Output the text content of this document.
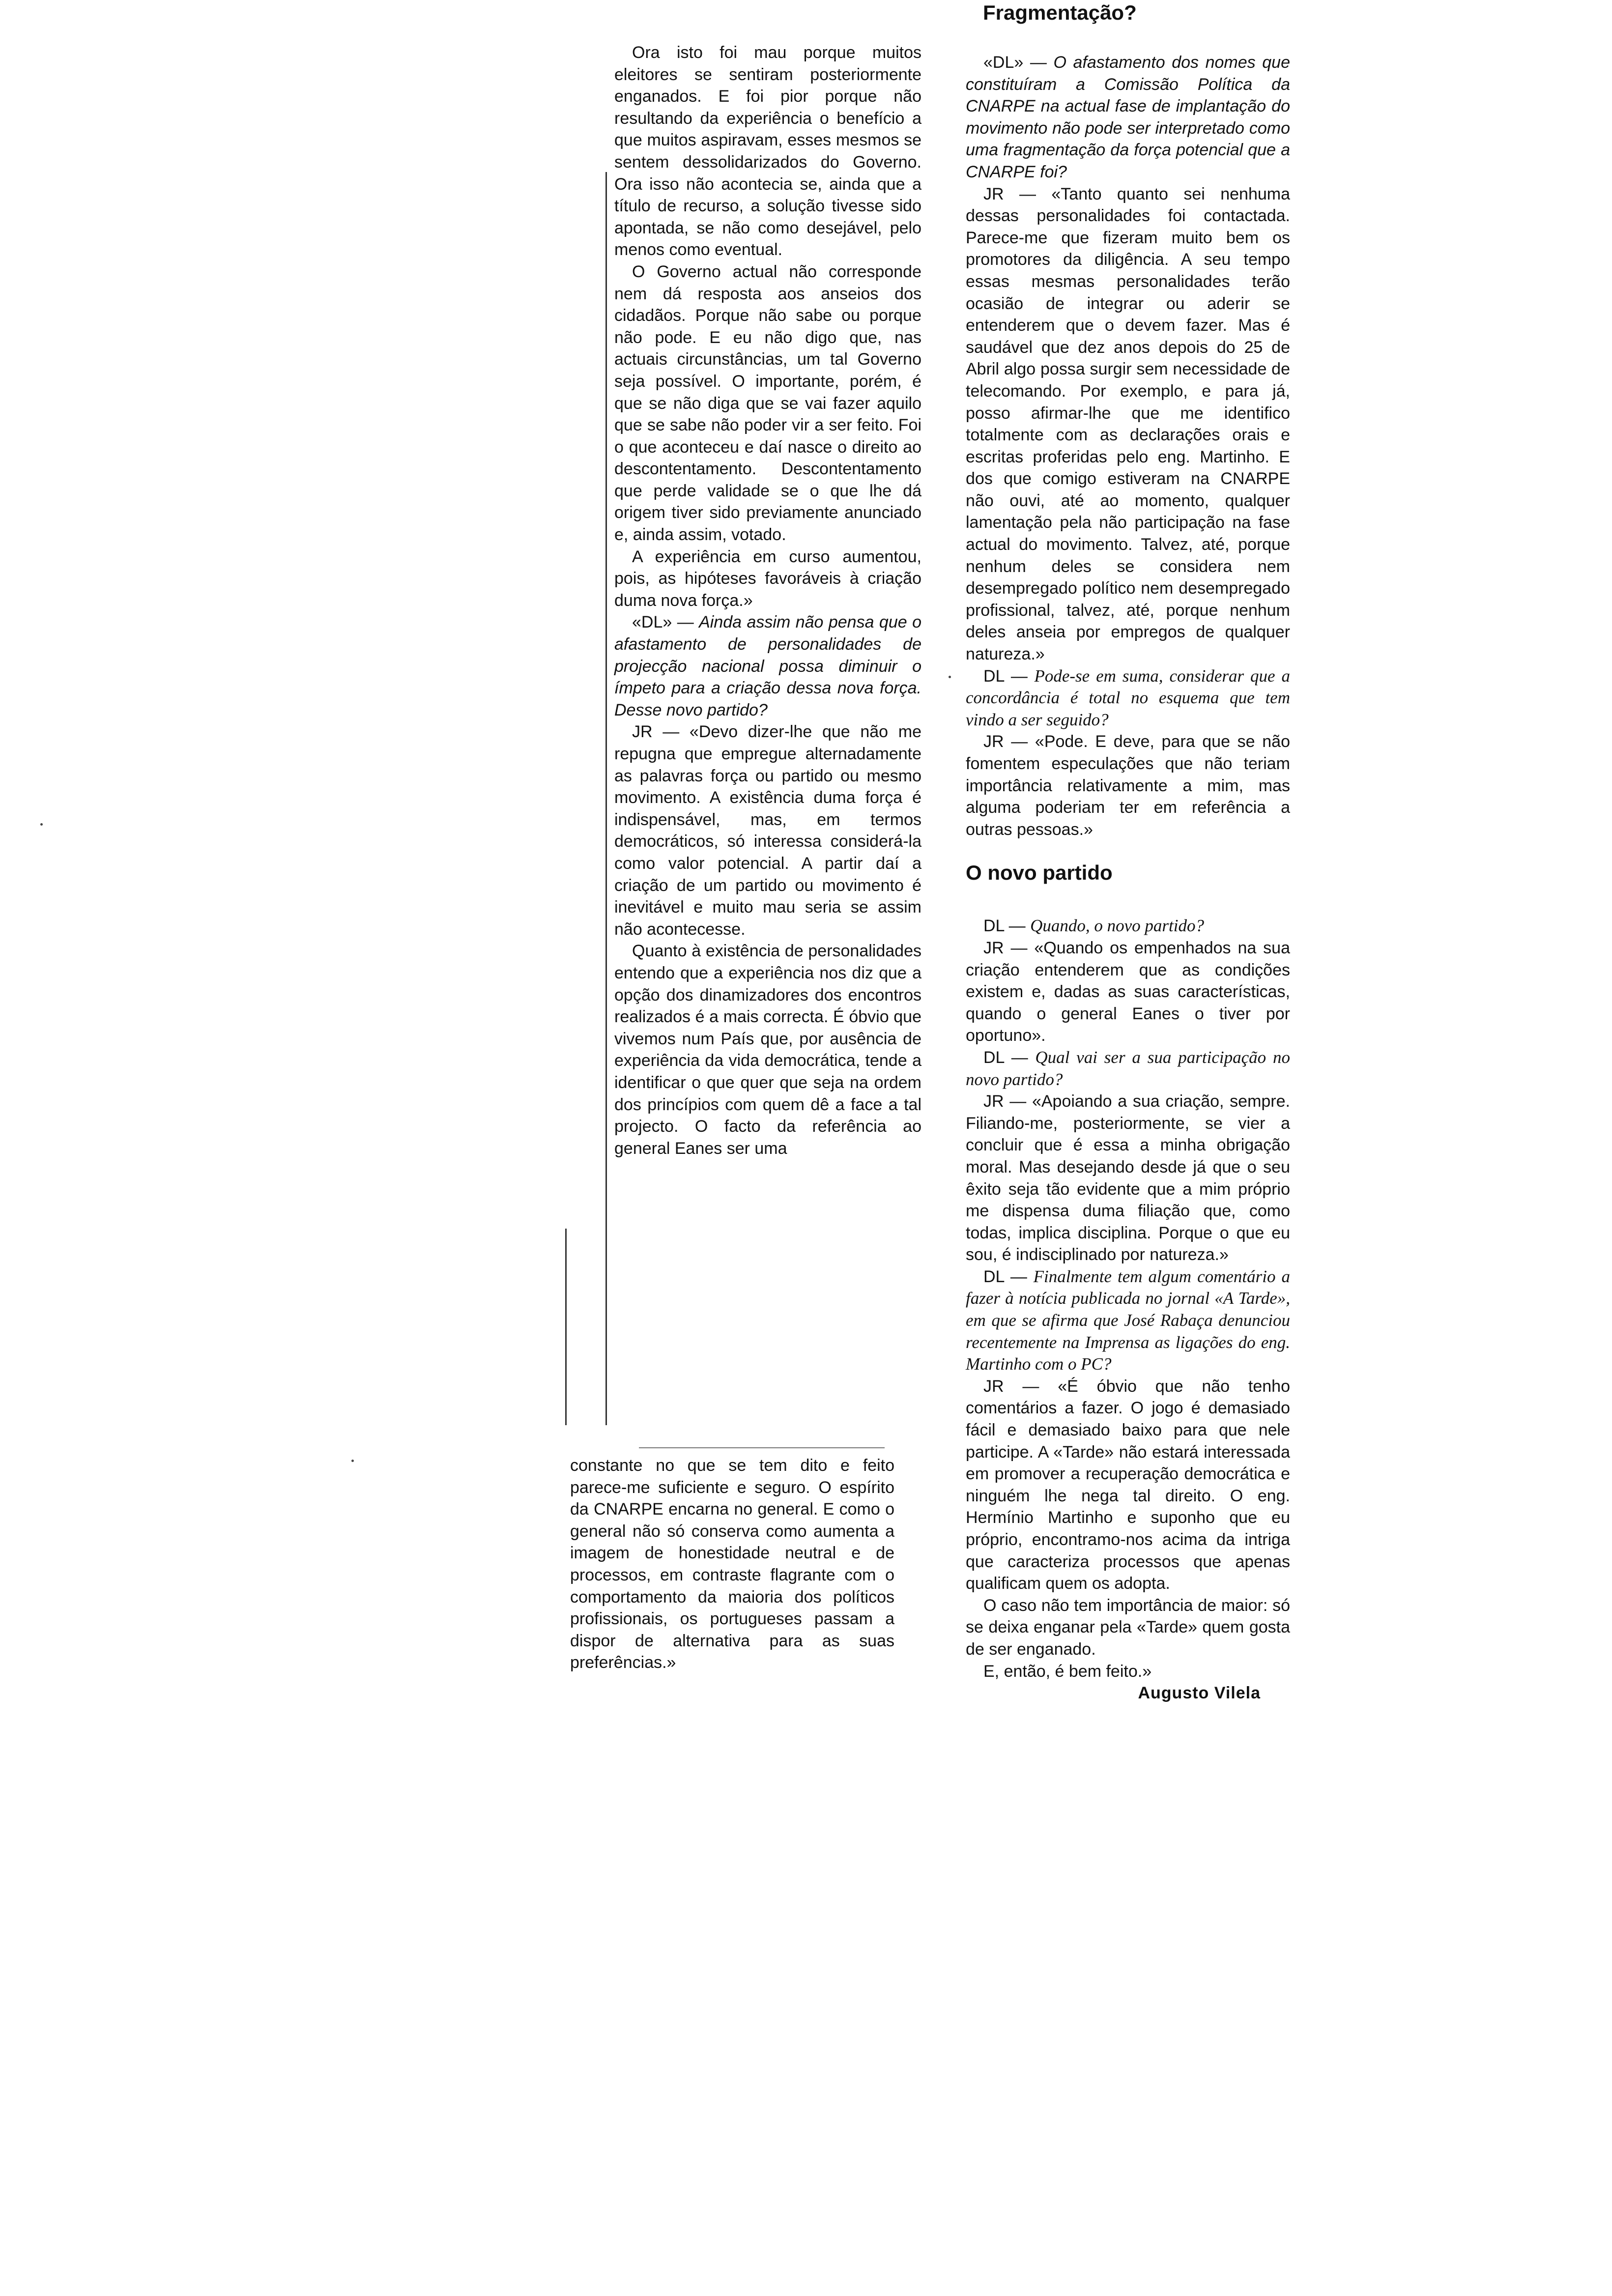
Fragmentação?

Ora isto foi mau porque muitos eleitores se sentiram posteriormente enganados. E foi pior porque não resultando da experiência o benefício a que muitos aspiravam, esses mesmos se sentem dessolidarizados do Governo. Ora isso não acontecia se, ainda que a título de recurso, a solução tivesse sido apontada, se não como desejável, pelo menos como eventual.

O Governo actual não corresponde nem dá resposta aos anseios dos cidadãos. Porque não sabe ou porque não pode. E eu não digo que, nas actuais circunstâncias, um tal Governo seja possível. O importante, porém, é que se não diga que se vai fazer aquilo que se sabe não poder vir a ser feito. Foi o que aconteceu e daí nasce o direito ao descontentamento. Descontentamento que perde validade se o que lhe dá origem tiver sido previamente anunciado e, ainda assim, votado.

A experiência em curso aumentou, pois, as hipóteses favoráveis à criação duma nova força.»

«DL» — Ainda assim não pensa que o afastamento de personalidades de projecção nacional possa diminuir o ímpeto para a criação dessa nova força. Desse novo partido?

JR — «Devo dizer-lhe que não me repugna que empregue alternadamente as palavras força ou partido ou mesmo movimento. A existência duma força é indispensável, mas, em termos democráticos, só interessa considerá-la como valor potencial. A partir daí a criação de um partido ou movimento é inevitável e muito mau seria se assim não acontecesse.

Quanto à existência de personalidades entendo que a experiência nos diz que a opção dos dinamizadores dos encontros realizados é a mais correcta. É óbvio que vivemos num País que, por ausência de experiência da vida democrática, tende a identificar o que quer que seja na ordem dos princípios com quem dê a face a tal projecto. O facto da referência ao general Eanes ser uma

constante no que se tem dito e feito parece-me suficiente e seguro. O espírito da CNARPE encarna no general. E como o general não só conserva como aumenta a imagem de honestidade neutral e de processos, em contraste flagrante com o comportamento da maioria dos políticos profissionais, os portugueses passam a dispor de alternativa para as suas preferências.»

«DL» — O afastamento dos nomes que constituíram a Comissão Política da CNARPE na actual fase de implantação do movimento não pode ser interpretado como uma fragmentação da força potencial que a CNARPE foi?

JR — «Tanto quanto sei nenhuma dessas personalidades foi contactada. Parece-me que fizeram muito bem os promotores da diligência. A seu tempo essas mesmas personalidades terão ocasião de integrar ou aderir se entenderem que o devem fazer. Mas é saudável que dez anos depois do 25 de Abril algo possa surgir sem necessidade de telecomando. Por exemplo, e para já, posso afirmar-lhe que me identifico totalmente com as declarações orais e escritas proferidas pelo eng. Martinho. E dos que comigo estiveram na CNARPE não ouvi, até ao momento, qualquer lamentação pela não participação na fase actual do movimento. Talvez, até, porque nenhum deles se considera nem desempregado político nem desempregado profissional, talvez, até, porque nenhum deles anseia por empregos de qualquer natureza.»

DL — Pode-se em suma, considerar que a concordância é total no esquema que tem vindo a ser seguido?

JR — «Pode. E deve, para que se não fomentem especulações que não teriam importância relativamente a mim, mas alguma poderiam ter em referência a outras pessoas.»

O novo partido

DL — Quando, o novo partido?

JR — «Quando os empenhados na sua criação entenderem que as condições existem e, dadas as suas características, quando o general Eanes o tiver por oportuno».

DL — Qual vai ser a sua participação no novo partido?

JR — «Apoiando a sua criação, sempre. Filiando-me, posteriormente, se vier a concluir que é essa a minha obrigação moral. Mas desejando desde já que o seu êxito seja tão evidente que a mim próprio me dispensa duma filiação que, como todas, implica disciplina. Porque o que eu sou, é indisciplinado por natureza.»

DL — Finalmente tem algum comentário a fazer à notícia publicada no jornal «A Tarde», em que se afirma que José Rabaça denunciou recentemente na Imprensa as ligações do eng. Martinho com o PC?

JR — «É óbvio que não tenho comentários a fazer. O jogo é demasiado fácil e demasiado baixo para que nele participe. A «Tarde» não estará interessada em promover a recuperação democrática e ninguém lhe nega tal direito. O eng. Hermínio Martinho e suponho que eu próprio, encontramo-nos acima da intriga que caracteriza processos que apenas qualificam quem os adopta.

O caso não tem importância de maior: só se deixa enganar pela «Tarde» quem gosta de ser enganado.

E, então, é bem feito.»

Augusto Vilela
